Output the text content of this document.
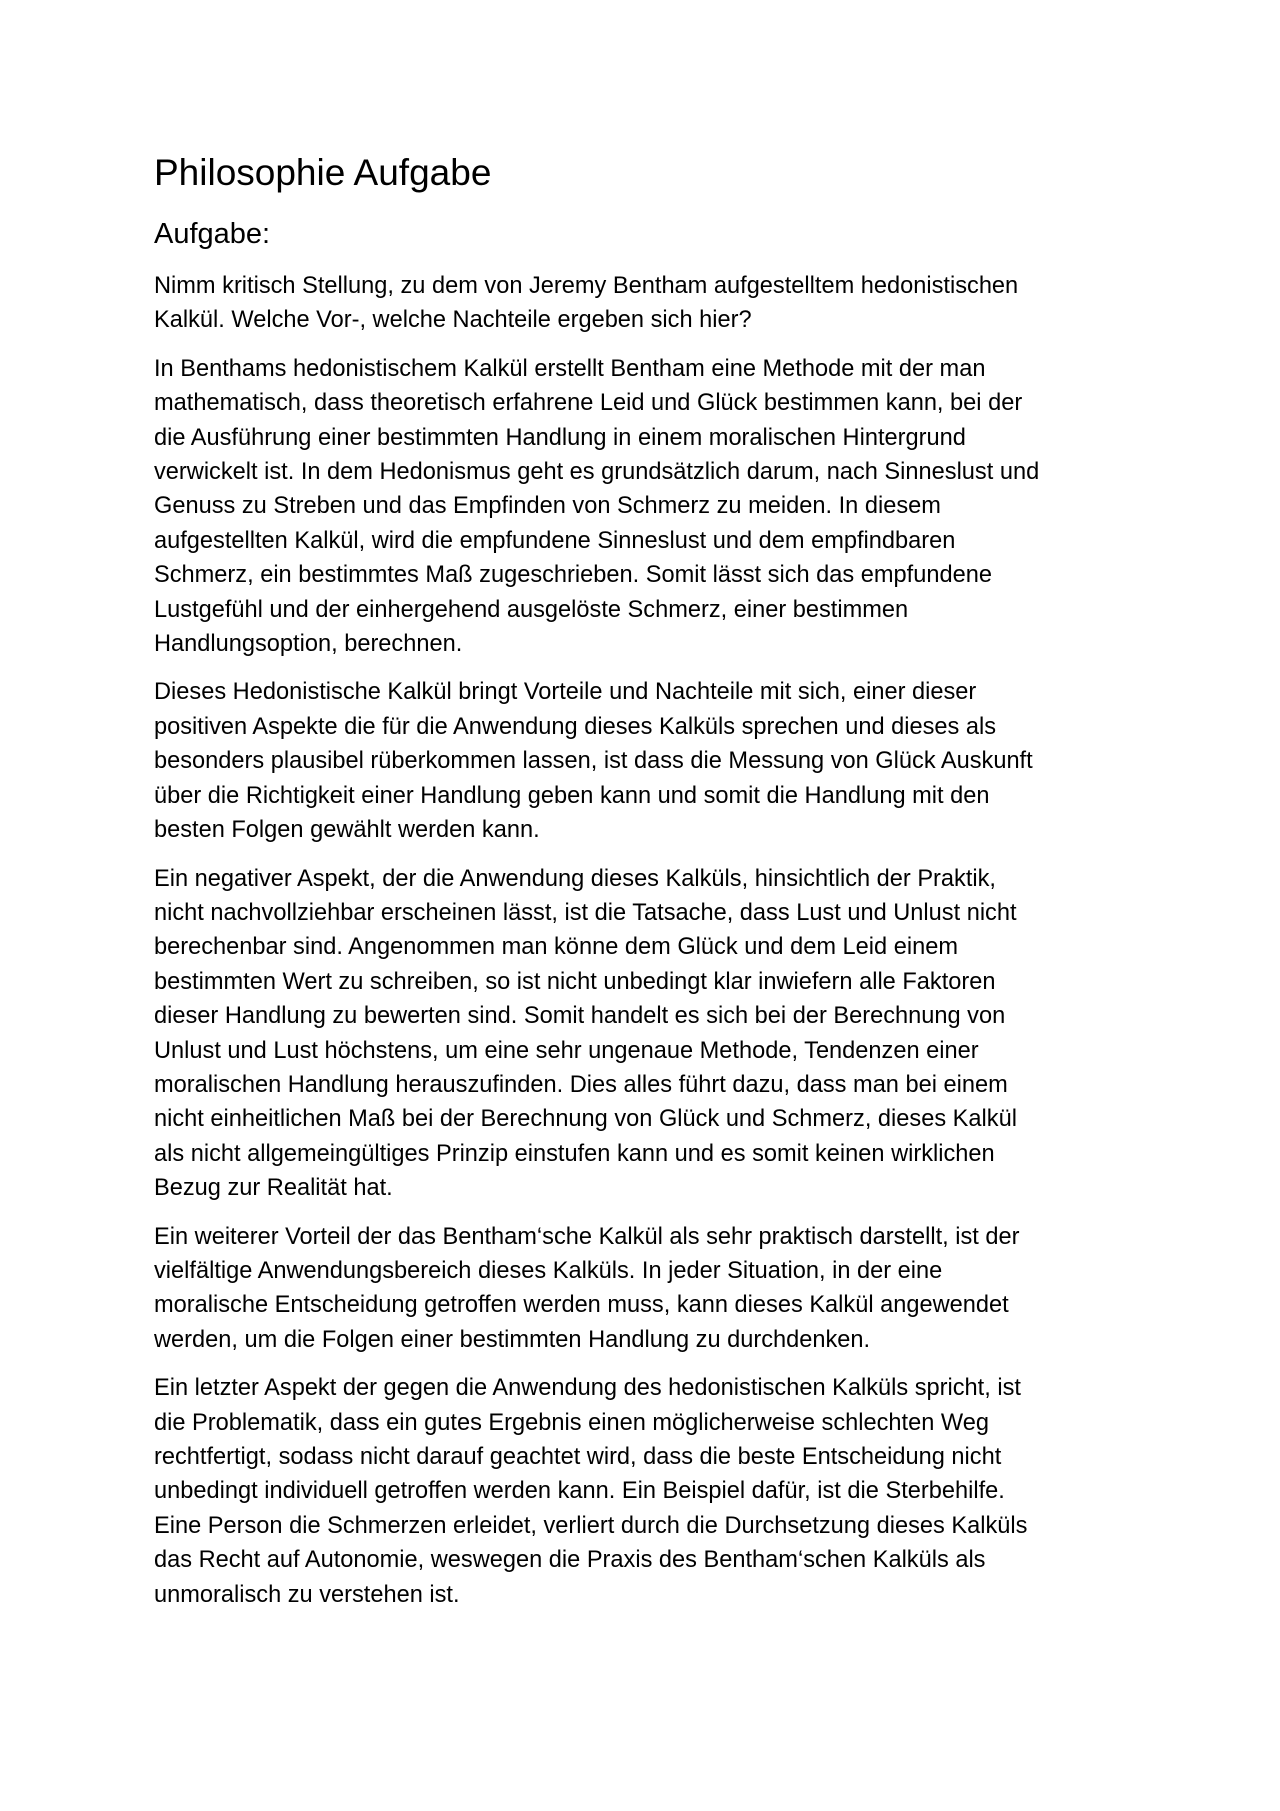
Philosophie Aufgabe
Aufgabe:

Nimm kritisch Stellung, zu dem von Jeremy Bentham aufgestelltem hedonistischen
Kalkül. Welche Vor-, welche Nachteile ergeben sich hier?

In Benthams hedonistischem Kalkül erstellt Bentham eine Methode mit der man
mathematisch, dass theoretisch erfahrene Leid und Glück bestimmen kann, bei der
die Ausführung einer bestimmten Handlung in einem moralischen Hintergrund
verwickelt ist. In dem Hedonismus geht es grundsätzlich darum, nach Sinneslust und
Genuss zu Streben und das Empfinden von Schmerz zu meiden. In diesem
aufgestellten Kalkül, wird die empfundene Sinneslust und dem empfindbaren
Schmerz, ein bestimmtes Maß zugeschrieben. Somit lässt sich das empfundene
Lustgefühl und der einhergehend ausgelöste Schmerz, einer bestimmen
Handlungsoption, berechnen.

Dieses Hedonistische Kalkül bringt Vorteile und Nachteile mit sich, einer dieser
positiven Aspekte die für die Anwendung dieses Kalküls sprechen und dieses als
besonders plausibel rüberkommen lassen, ist dass die Messung von Glück Auskunft
über die Richtigkeit einer Handlung geben kann und somit die Handlung mit den
besten Folgen gewählt werden kann.

Ein negativer Aspekt, der die Anwendung dieses Kalküls, hinsichtlich der Praktik,
nicht nachvollziehbar erscheinen lässt, ist die Tatsache, dass Lust und Unlust nicht
berechenbar sind. Angenommen man könne dem Glück und dem Leid einem
bestimmten Wert zu schreiben, so ist nicht unbedingt klar inwiefern alle Faktoren
dieser Handlung zu bewerten sind. Somit handelt es sich bei der Berechnung von
Unlust und Lust höchstens, um eine sehr ungenaue Methode, Tendenzen einer
moralischen Handlung herauszufinden. Dies alles führt dazu, dass man bei einem
nicht einheitlichen Maß bei der Berechnung von Glück und Schmerz, dieses Kalkül
als nicht allgemeingültiges Prinzip einstufen kann und es somit keinen wirklichen
Bezug zur Realität hat.

Ein weiterer Vorteil der das Bentham‘sche Kalkül als sehr praktisch darstellt, ist der
vielfältige Anwendungsbereich dieses Kalküls. In jeder Situation, in der eine
moralische Entscheidung getroffen werden muss, kann dieses Kalkül angewendet
werden, um die Folgen einer bestimmten Handlung zu durchdenken.

Ein letzter Aspekt der gegen die Anwendung des hedonistischen Kalküls spricht, ist
die Problematik, dass ein gutes Ergebnis einen möglicherweise schlechten Weg
rechtfertigt, sodass nicht darauf geachtet wird, dass die beste Entscheidung nicht
unbedingt individuell getroffen werden kann. Ein Beispiel dafür, ist die Sterbehilfe.
Eine Person die Schmerzen erleidet, verliert durch die Durchsetzung dieses Kalküls
das Recht auf Autonomie, weswegen die Praxis des Bentham‘schen Kalküls als
unmoralisch zu verstehen ist.
